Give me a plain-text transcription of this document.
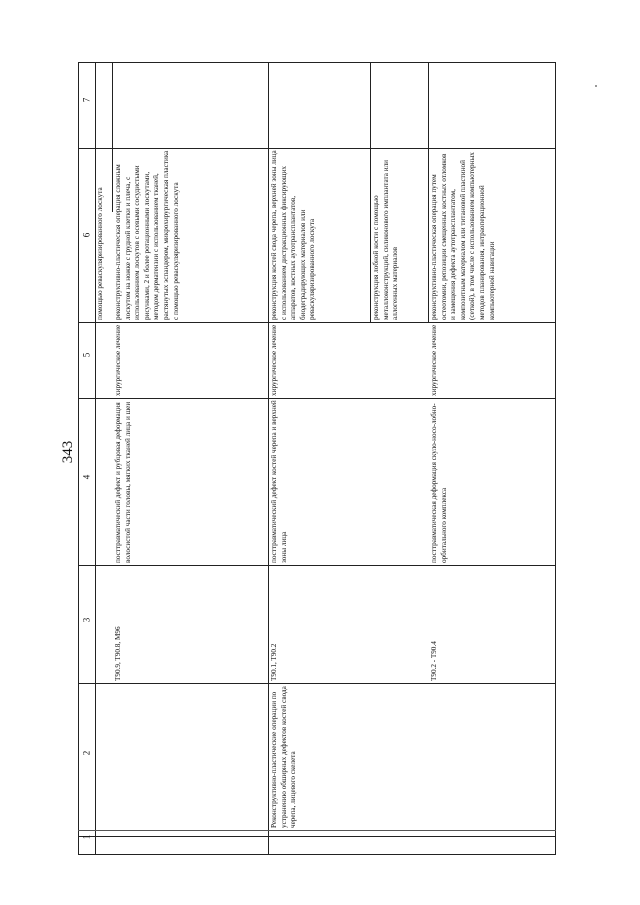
343
7
6
5
4
3
2
1
помощью реваскуляризированного лоскута	реконструктивно-пластическая операция сложным лоскутом на ножке с грудной клетки и плеча, с использованием лоскутов с осевыми сосудистыми рисунками, 2 и более ротационными лоскутами, методом дерматензии с использованием тканей, растянутых эспандером, микрохирургическая пластика с помощью реваскуляризированного лоскута
хирургическое лечение
посттравматический дефект и рубцовая деформация волосистой части головы, мягких тканей лица и шеи
T90.9, T90.8, M96
реконструкция костей свода черепа, верхней зоны лица с использованием дистракционных фиксирующих аппаратов, костных аутотрансплантатов, биодеградирующих материалов или реваскуляризированного лоскута	реконструкция лобной кости с помощью металлоконструкций, силиконового имплантата или аллогенных материалов
хирургическое лечение
посттравматический дефект костей черепа и верхней зоны лица
T90.1, T90.2
Реконструктивно-пластические операции по устранению обширных дефектов костей свода черепа, лицевого скелета
реконструктивно-пластическая операция путем остеотомии, репозиции смещенных костных отломков и замещения дефекта аутотрансплантатом, композитным материалом или титановой пластиной (сеткой), в том числе с использованием компьютерных методов планирования, интраоперационной компьютерной навигации
хирургическое лечение
посттравматическая деформация скуло-носо-лобно-орбитального комплекса
T90.2 - T90.4
